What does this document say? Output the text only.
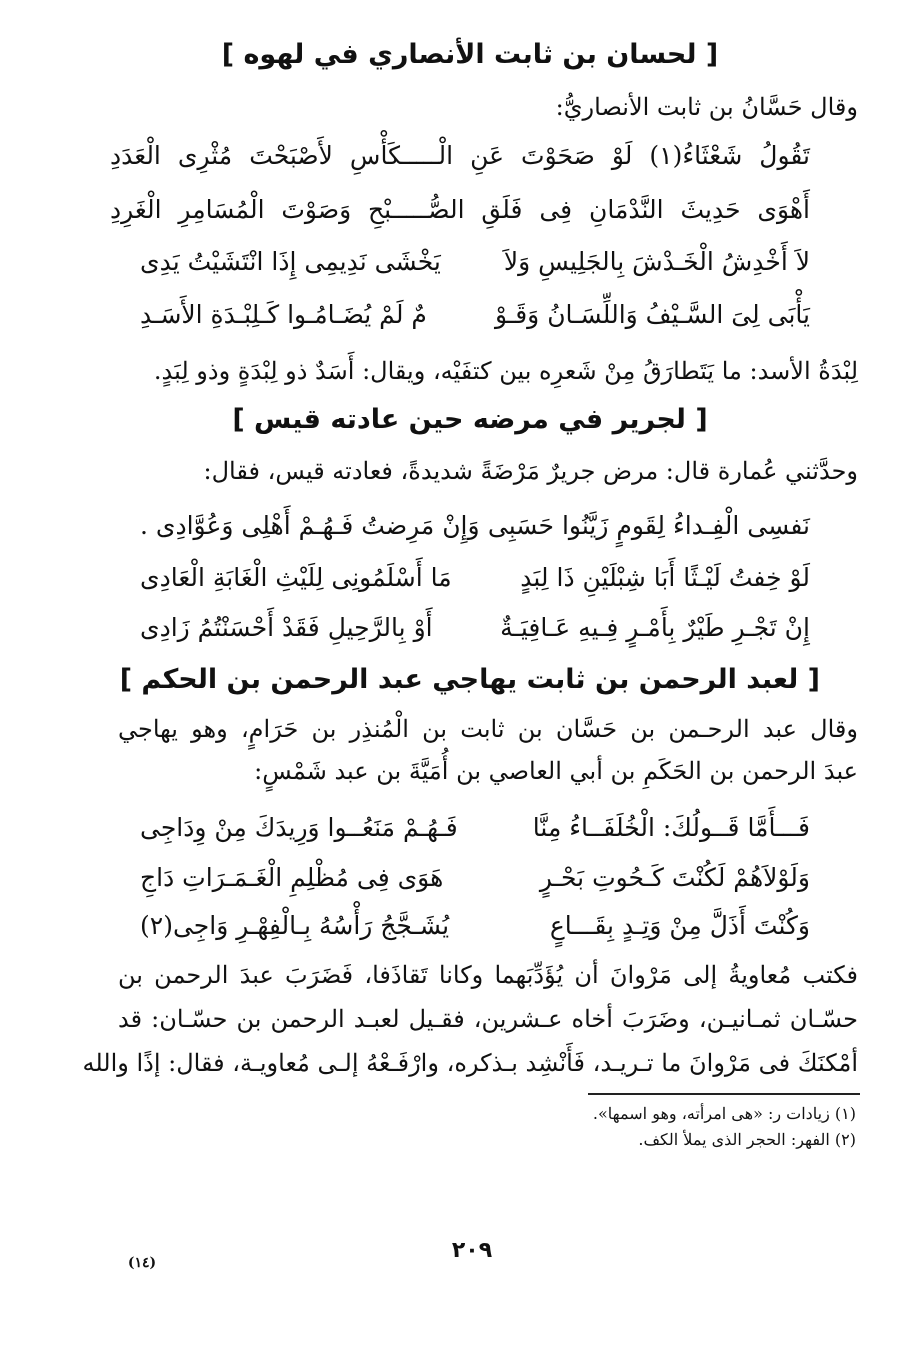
[ لحسان بن ثابت الأنصاري في لهوه ]
وقال حَسَّانُ بن ثابت الأنصاريُّ:
تَقُولُ شَعْثَاءُ(١) لَوْ صَحَوْتَ عَنِ الْـــــكَأْسِ لأَصْبَحْتَ مُثْرِى الْعَدَدِ
أَهْوَى حَدِيثَ النَّدْمَانِ فِى فَلَقِ الصُّـــــبْحِ وَصَوْتَ الْمُسَامِرِ الْغَرِدِ
لاَ أَخْدِشُ الْخَـدْشَ بِالجَلِيسِ وَلاَ
يَخْشَى نَدِيمِى إِذَا انْتَشَيْتُ يَدِى
يَأْبَى لِىَ السَّـيْفُ وَاللِّسَـانُ وَقَـوْ
مٌ لَمْ يُضَـامُـوا كَـلِبْـدَةِ الأَسَـدِ
لِبْدَةُ الأسد: ما يَتَطارَقُ مِنْ شَعرِه بين كتفَيْه، ويقال: أَسَدٌ ذو لِبْدَةٍ وذو لِبَدٍ.
[ لجرير في مرضه حين عادته قيس ]
وحدَّثني عُمارة قال: مرض جريرٌ مَرْضَةً شديدةً، فعادته قيس، فقال:
نَفسِى الْفِـداءُ لِقَومٍ زَيَّنُوا حَسَبِى
وَإِنْ مَرِضتُ فَـهُـمْ أَهْلِى وَعُوَّادِى .
لَوْ خِفتُ لَيْـثًا أَبَا شِبْلَيْنِ ذَا لِبَدٍ
مَا أَسْلَمُونِى لِلَيْثِ الْغَابَةِ الْعَادِى
إِنْ تَجْـرِ طَيْرٌ بِأَمْـرٍ فِـيهِ عَـافِيَـةٌ
أَوْ بِالرَّحِيلِ فَقَدْ أَحْسَنْتُمُ زَادِى
[ لعبد الرحمن بن ثابت يهاجي عبد الرحمن بن الحكم ]
وقال عبد الرحـمن بن حَسَّان بن ثابت بن الْمُنذِر بن حَرَامٍ، وهو يهاجي
عبدَ الرحمن بن الحَكَمِ بن أبي العاصي بن أُمَيَّةَ بن عبد شَمْسٍ:
فَـــأَمَّا قَــولُكَ: الْخُلَفَــاءُ مِنَّا
فَـهُـمْ مَنَعُــوا وَرِيدَكَ مِنْ وِدَاجِى
وَلَوْلاَهُمْ لَكُنْتَ كَـحُوتِ بَحْـرٍ
هَوَى فِى مُظْلِمِ الْغَـمَـرَاتِ دَاجِ
وَكُنْتَ أَذَلَّ مِنْ وَتِـدٍ بِقَـــاعٍ
يُشَـجَّجُ رَأْسُهُ بِـالْفِهْـرِ وَاجِى(٢)
فكتب مُعاويةُ إلى مَرْوانَ أن يُؤَدِّبَهما وكانا تَقاذَفا، فَضَرَبَ عبدَ الرحمن بن
حسّـان ثمـانيـن، وضَرَبَ أخاه عـشرين، فقـيل لعبـد الرحمن بن حسّـان: قد
أمْكنَكَ فى مَرْوانَ ما تـريـد، فَأَنْشِد بـذكره، وارْفَـعْهُ إلـى مُعاويـة، فقال: إذًا والله
(١) زيادات ر: «هى امرأته، وهو اسمها».
(٢) الفهر: الحجر الذى يملأ الكف.
٢٠٩
(١٤)
